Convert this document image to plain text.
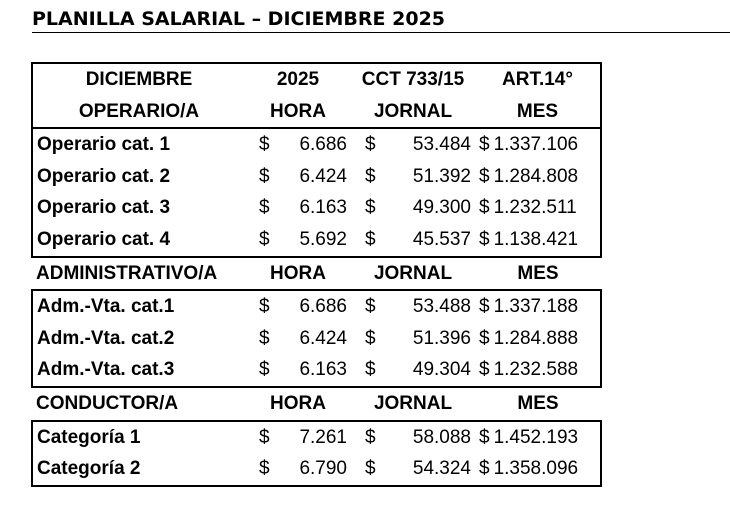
PLANILLA SALARIAL – DICIEMBRE 2025
DICIEMBRE	2025	CCT 733/15	ART.14°
OPERARIO/A	HORA	JORNAL	MES
Operario cat. 1	$ 6.686	$ 53.484	$ 1.337.106

Operario cat. 2	$ 6.424	$ 51.392	$ 1.284.808

Operario cat. 3	$ 6.163	$ 49.300	$ 1.232.511

Operario cat. 4	$ 5.692	$ 45.537	$ 1.138.421

ADMINISTRATIVO/A	HORA	JORNAL	MES
Adm.-Vta. cat.1	$ 6.686	$ 53.488	$ 1.337.188

Adm.-Vta. cat.2	$ 6.424	$ 51.396	$ 1.284.888

Adm.-Vta. cat.3	$ 6.163	$ 49.304	$ 1.232.588

CONDUCTOR/A	HORA	JORNAL	MES
Categoría 1	$ 7.261	$ 58.088	$ 1.452.193

Categoría 2	$ 6.790	$ 54.324	$ 1.358.096
